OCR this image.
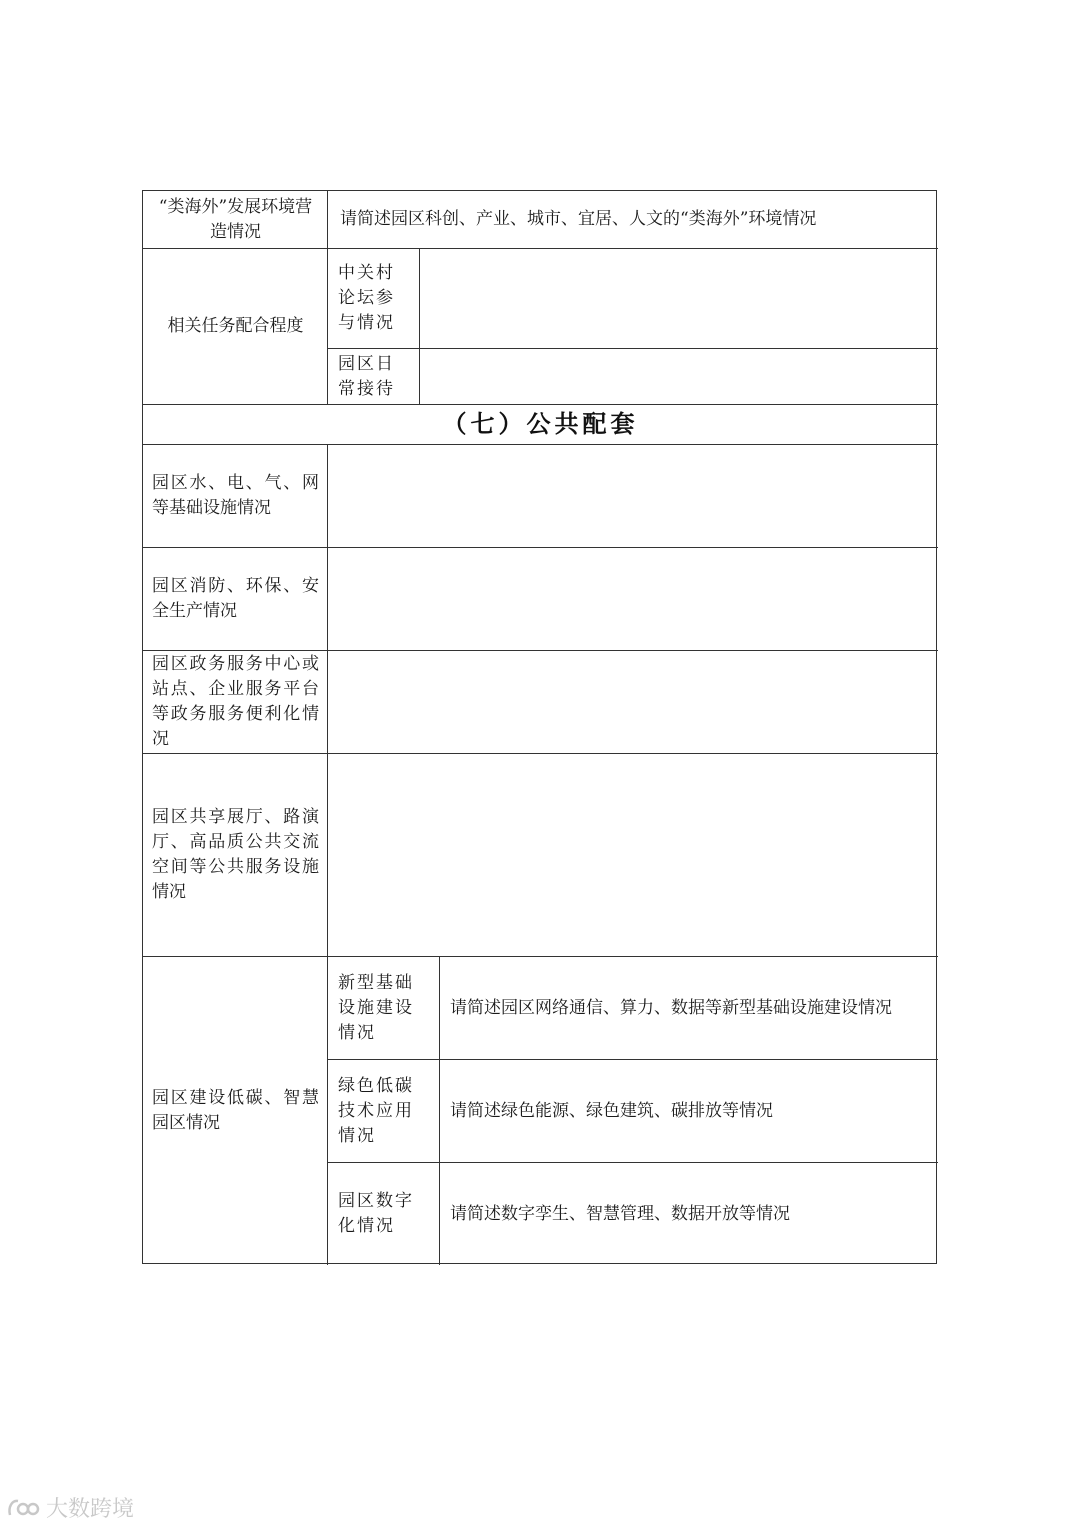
“类海外”发展环境营造情况
请简述园区科创、产业、城市、宜居、人文的“类海外”环境情况
相关任务配合程度
中关村论坛参与情况
园区日常接待
（七）公共配套
园区水、电、气、网等基础设施情况
园区消防、环保、安全生产情况
园区政务服务中心或站点、企业服务平台等政务服务便利化情况
园区共享展厅、路演厅、高品质公共交流空间等公共服务设施情况
园区建设低碳、智慧园区情况
新型基础设施建设情况
请简述园区网络通信、算力、数据等新型基础设施建设情况
绿色低碳技术应用情况
请简述绿色能源、绿色建筑、碳排放等情况
园区数字化情况
请简述数字孪生、智慧管理、数据开放等情况
大数跨境
